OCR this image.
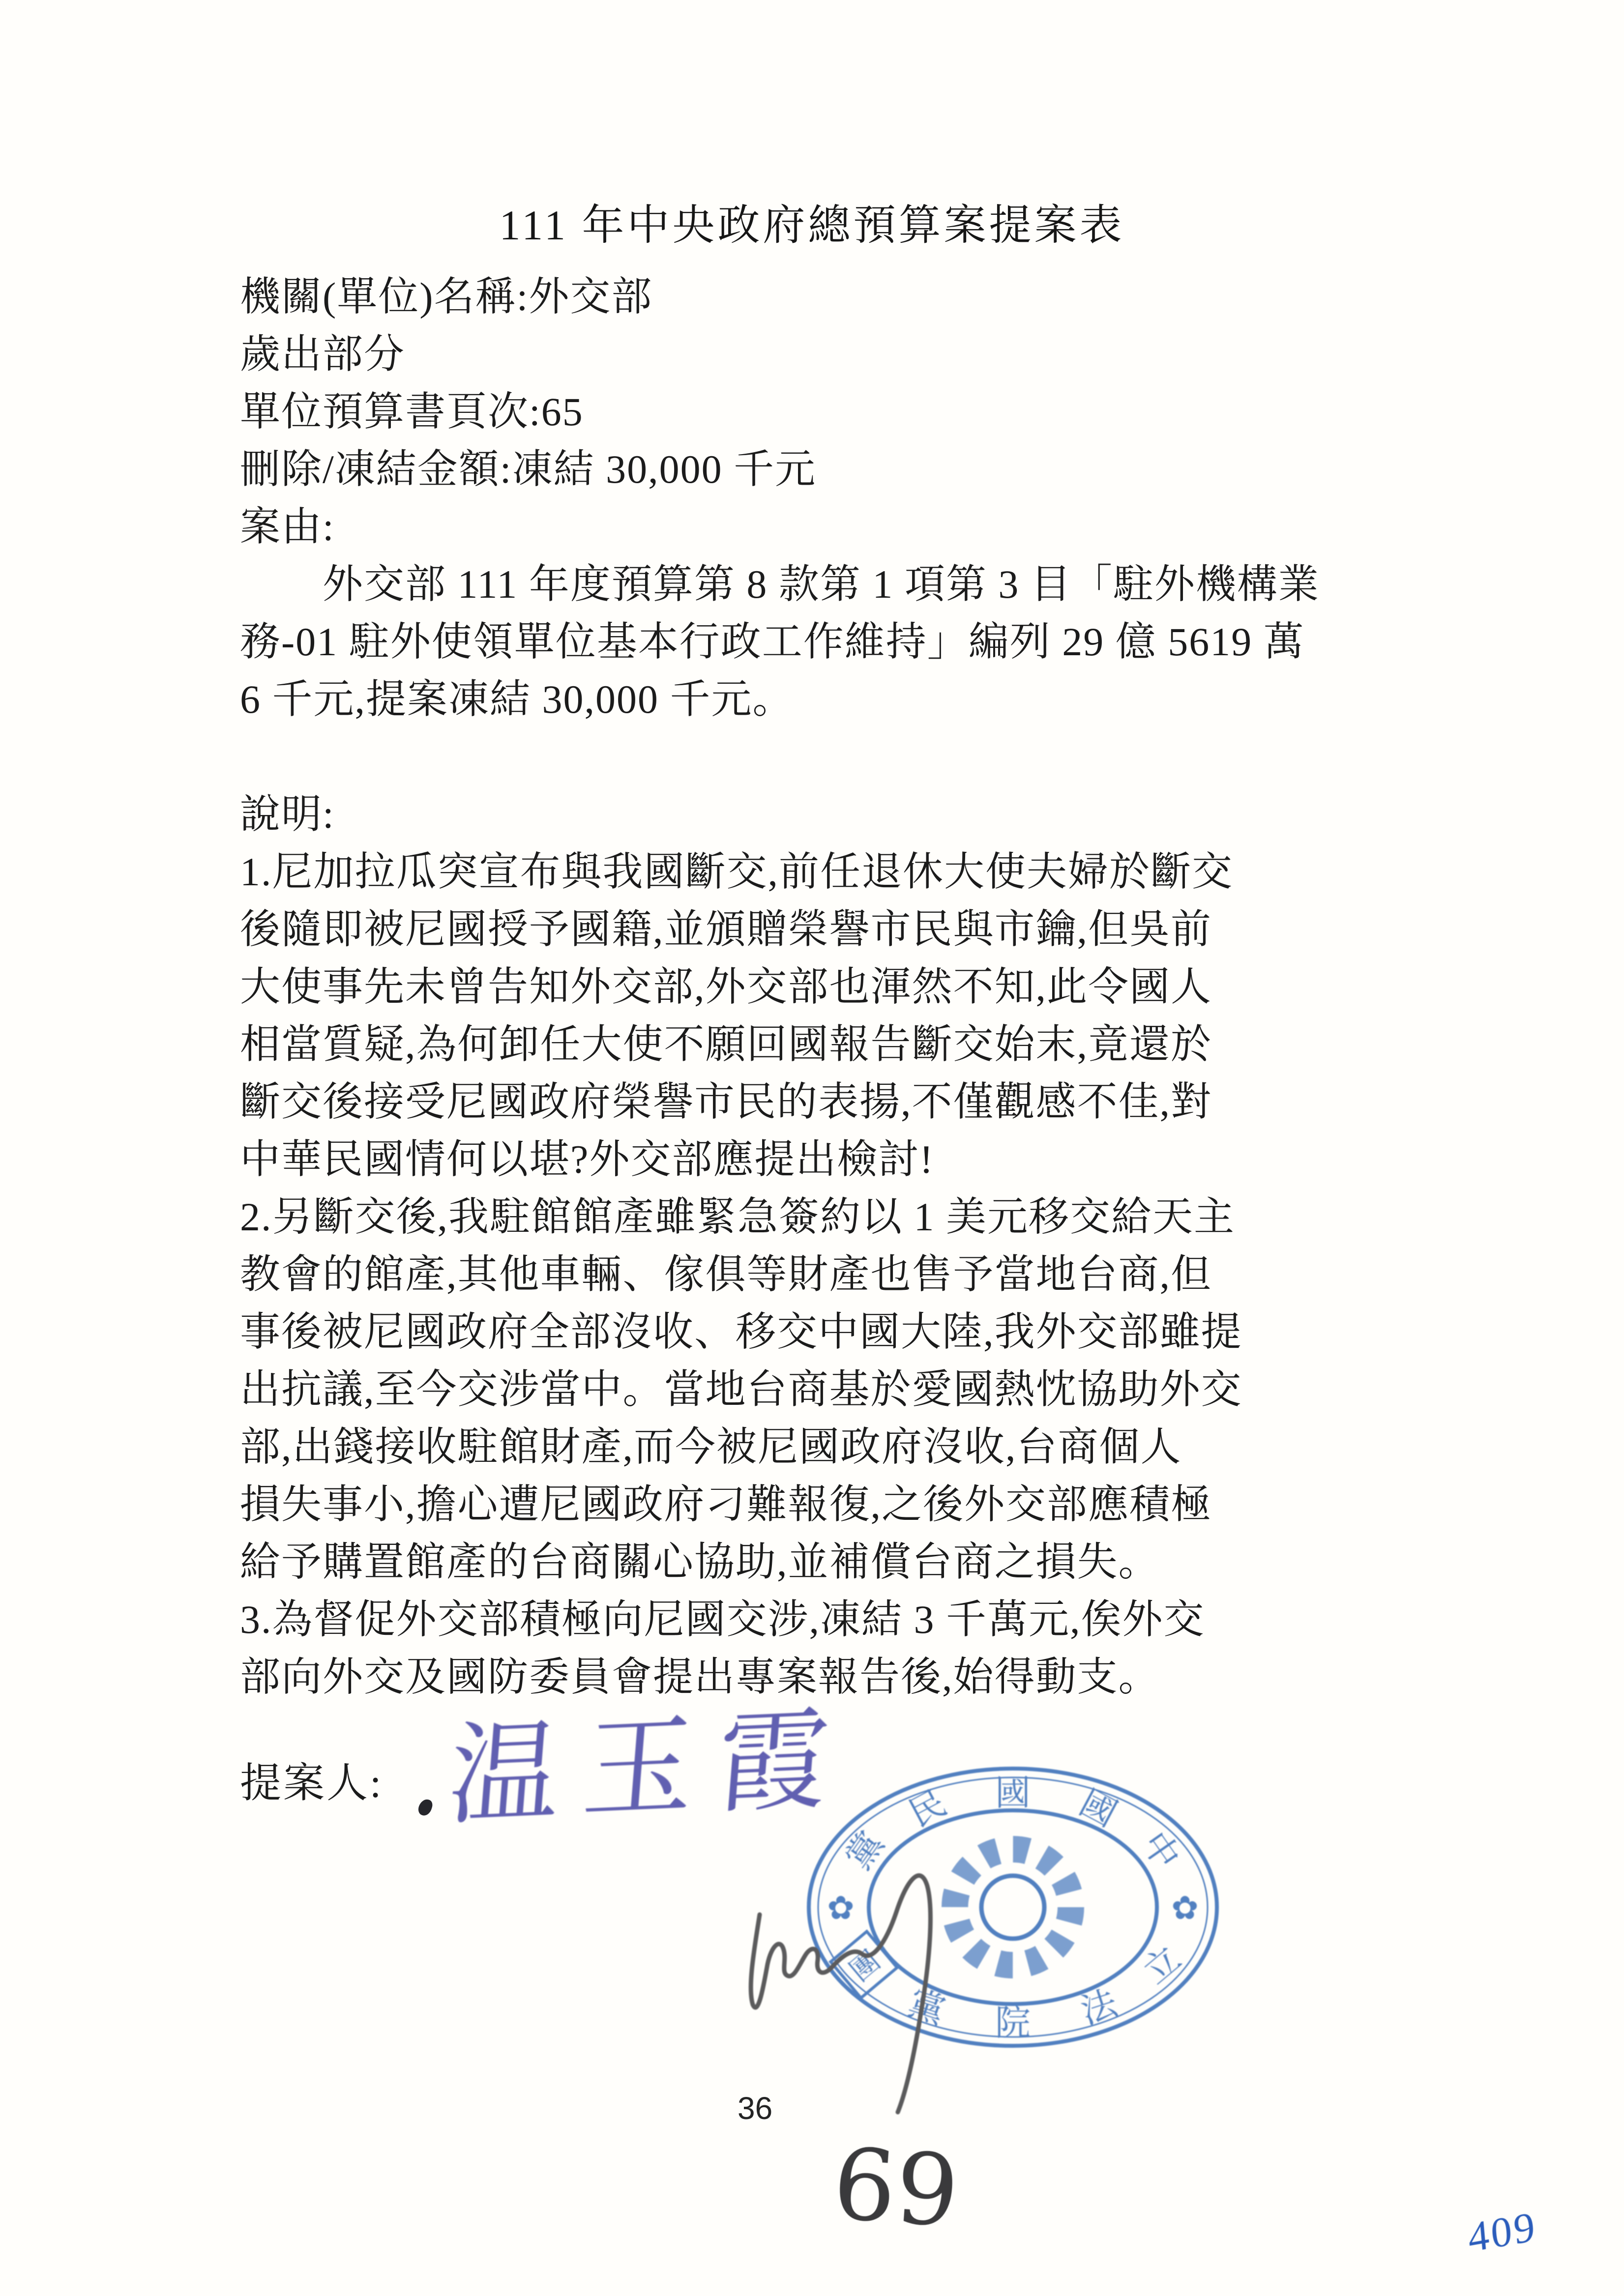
111 年中央政府總預算案提案表
機關(單位)名稱:外交部
歲出部分
單位預算書頁次:65
刪除/凍結金額:凍結 30,000 千元
案由:
　　外交部 111 年度預算第 8 款第 1 項第 3 目「駐外機構業
務-01 駐外使領單位基本行政工作維持」編列 29 億 5619 萬
6 千元,提案凍結 30,000 千元。
說明:
1.尼加拉瓜突宣布與我國斷交,前任退休大使夫婦於斷交
後隨即被尼國授予國籍,並頒贈榮譽市民與市鑰,但吳前
大使事先未曾告知外交部,外交部也渾然不知,此令國人
相當質疑,為何卸任大使不願回國報告斷交始末,竟還於
斷交後接受尼國政府榮譽市民的表揚,不僅觀感不佳,對
中華民國情何以堪?外交部應提出檢討!
2.另斷交後,我駐館館產雖緊急簽約以 1 美元移交給天主
教會的館產,其他車輛、傢俱等財產也售予當地台商,但
事後被尼國政府全部沒收、移交中國大陸,我外交部雖提
出抗議,至今交涉當中。當地台商基於愛國熱忱協助外交
部,出錢接收駐館財產,而今被尼國政府沒收,台商個人
損失事小,擔心遭尼國政府刁難報復,之後外交部應積極
給予購置館產的台商關心協助,並補償台商之損失。
3.為督促外交部積極向尼國交涉,凍結 3 千萬元,俟外交
部向外交及國防委員會提出專案報告後,始得動支。
提案人: 温玉霞
黨
民 國 國
中
✿	✿
立
法
院
黨
團
36
69	409
